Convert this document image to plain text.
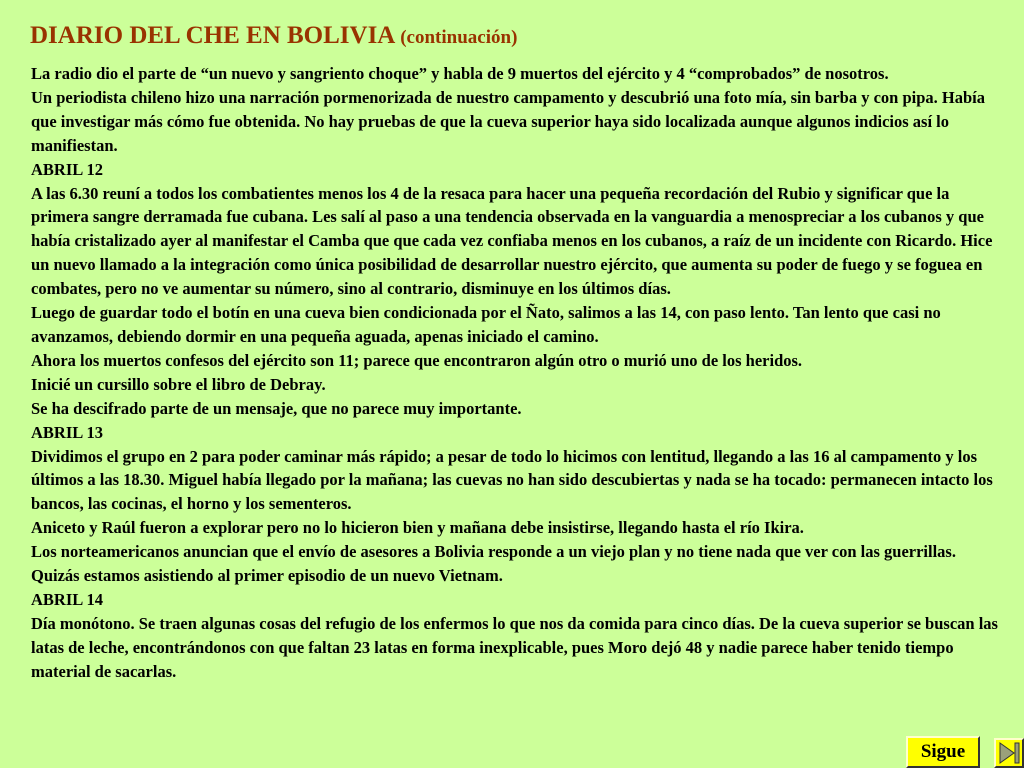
DIARIO DEL CHE EN BOLIVIA (continuación)

La radio dio el parte de “un nuevo y sangriento choque” y habla de 9 muertos del ejército y 4 “comprobados” de nosotros.

Un periodista chileno hizo una narración pormenorizada de nuestro campamento y descubrió una foto mía, sin barba y con pipa. Había que investigar más cómo fue obtenida. No hay pruebas de que la cueva superior haya sido localizada aunque algunos indicios así lo manifiestan.

ABRIL 12

A las 6.30 reuní a todos los combatientes menos los 4 de la resaca para hacer una pequeña recordación del Rubio y significar que la primera sangre derramada fue cubana. Les salí al paso a una tendencia observada en la vanguardia a menospreciar a los cubanos y que había cristalizado ayer al manifestar el Camba que que cada vez confiaba menos en los cubanos, a raíz de un incidente con Ricardo. Hice un nuevo llamado a la integración como única posibilidad de desarrollar nuestro ejército, que aumenta su poder de fuego y se foguea en combates, pero no ve aumentar su número, sino al contrario, disminuye en los últimos días.

Luego de guardar todo el botín en una cueva bien condicionada por el Ñato, salimos a las 14, con paso lento. Tan lento que casi no avanzamos, debiendo dormir en una pequeña aguada, apenas iniciado el camino.

Ahora los muertos confesos del ejército son 11; parece que encontraron algún otro o murió uno de los heridos.

Inicié un cursillo sobre el libro de Debray.

Se ha descifrado parte de un mensaje, que no parece muy importante.

ABRIL 13

Dividimos el grupo en 2 para poder caminar más rápido; a pesar de todo lo hicimos con lentitud, llegando a las 16 al campamento y los últimos a las 18.30. Miguel había llegado por la mañana; las cuevas no han sido descubiertas y nada se ha tocado: permanecen intacto los bancos, las cocinas, el horno y los sementeros.

Aniceto y Raúl fueron a explorar pero no lo hicieron bien y mañana debe insistirse, llegando hasta el río Ikira.

Los norteamericanos anuncian que el envío de asesores a Bolivia responde a un viejo plan y no tiene nada que ver con las guerrillas. Quizás estamos asistiendo al primer episodio de un nuevo Vietnam.

ABRIL 14

Día monótono. Se traen algunas cosas del refugio de los enfermos lo que nos da comida para cinco días. De la cueva superior se buscan las latas de leche, encontrándonos con que faltan 23 latas en forma inexplicable, pues Moro dejó 48 y nadie parece haber tenido tiempo material de sacarlas.

Sigue
